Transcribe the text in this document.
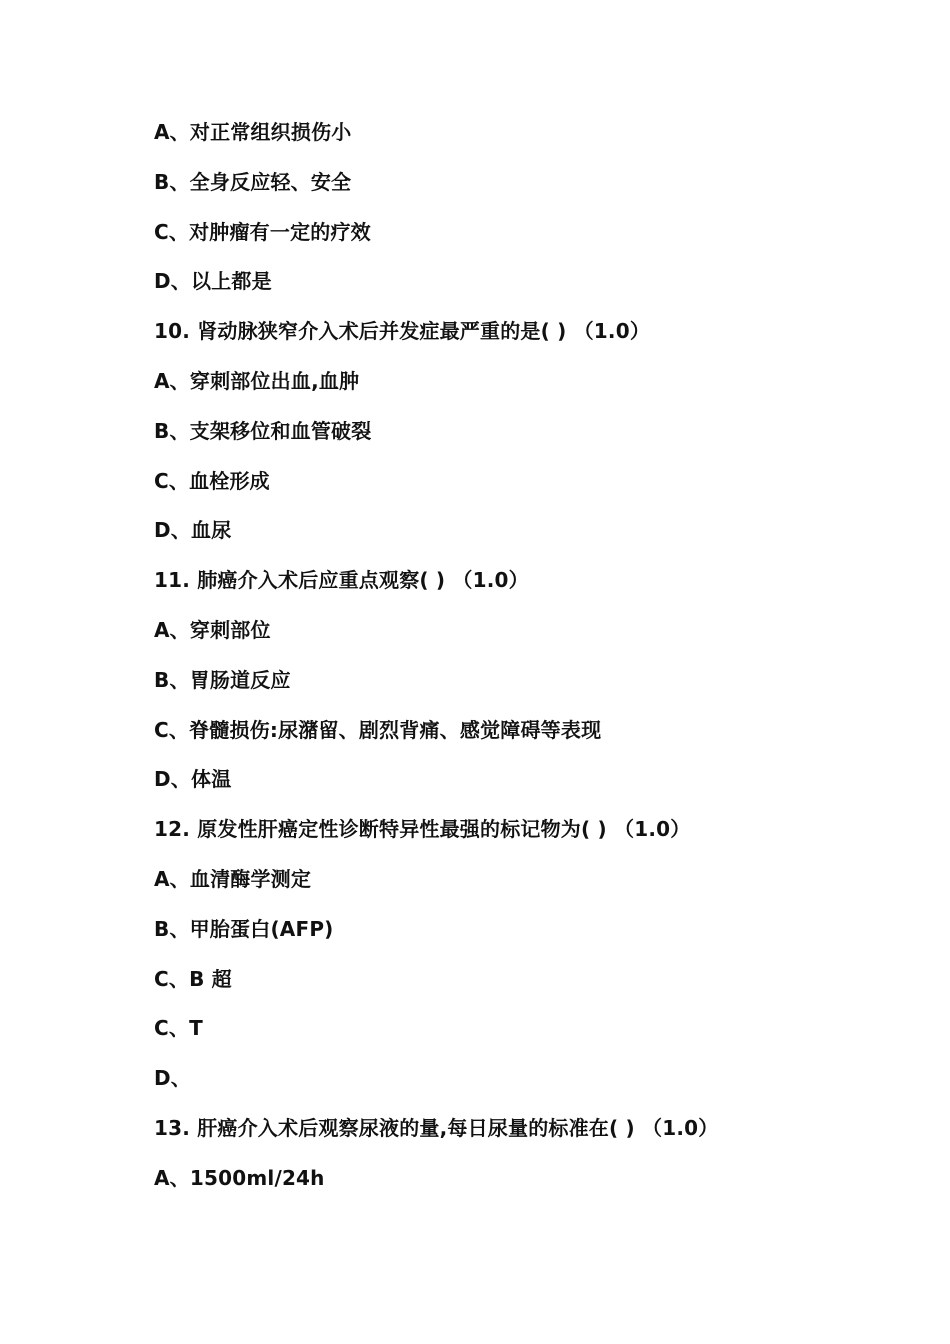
A、对正常组织损伤小
B、全身反应轻、安全
C、对肿瘤有一定的疗效
D、以上都是
10. 肾动脉狭窄介入术后并发症最严重的是( ) （1.0）
A、穿刺部位出血,血肿
B、支架移位和血管破裂
C、血栓形成
D、血尿
11. 肺癌介入术后应重点观察( ) （1.0）
A、穿刺部位
B、胃肠道反应
C、脊髓损伤:尿潴留、剧烈背痛、感觉障碍等表现
D、体温
12. 原发性肝癌定性诊断特异性最强的标记物为( ) （1.0）
A、血清酶学测定
B、甲胎蛋白(AFP)
C、B 超
C、T
D、
13. 肝癌介入术后观察尿液的量,每日尿量的标准在( ) （1.0）
A、1500ml/24h
